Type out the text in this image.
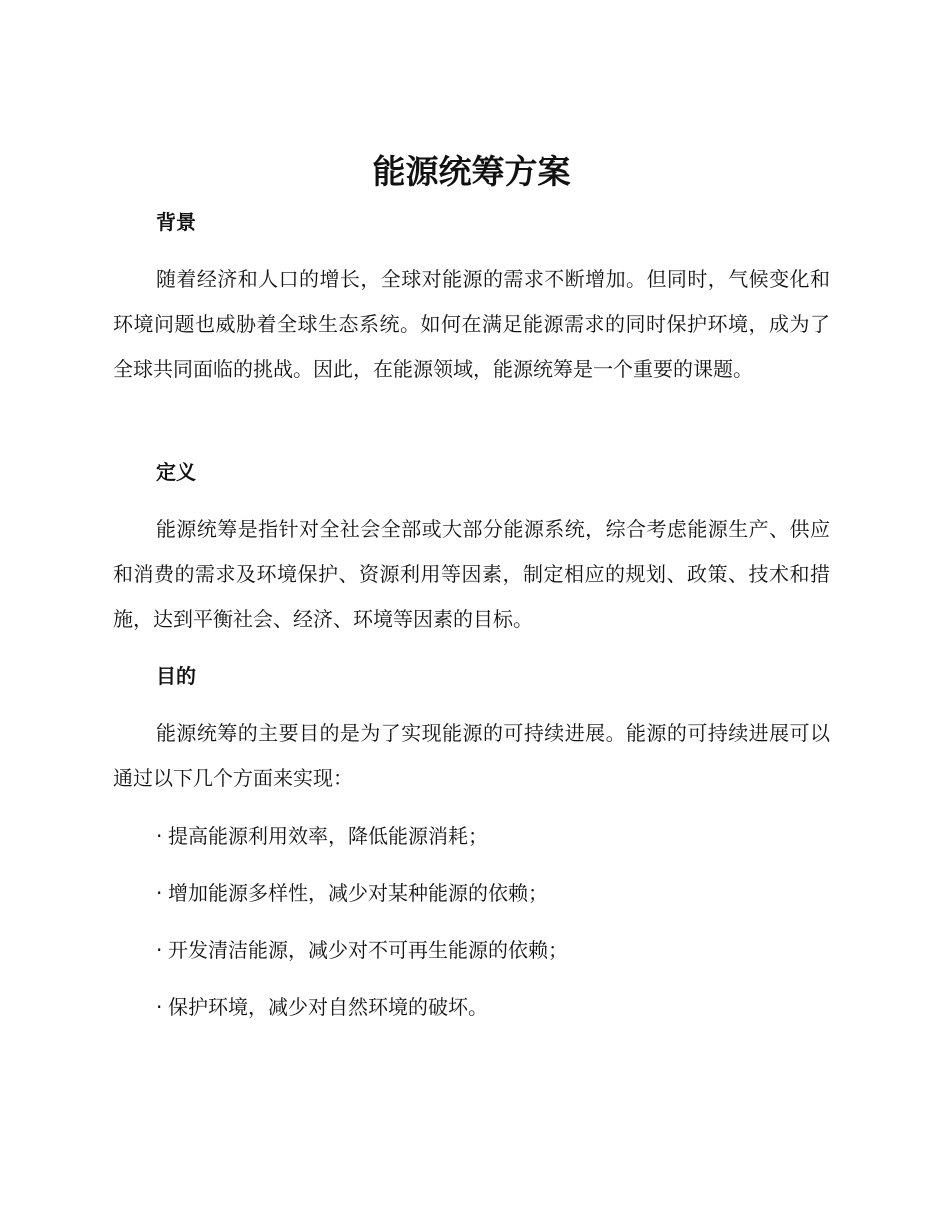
能源统筹方案
背景

随着经济和人口的增长，全球对能源的需求不断增加。但同时，气候变化和环境问题也威胁着全球生态系统。如何在满足能源需求的同时保护环境，成为了全球共同面临的挑战。因此，在能源领域，能源统筹是一个重要的课题。

定义

能源统筹是指针对全社会全部或大部分能源系统，综合考虑能源生产、供应和消费的需求及环境保护、资源利用等因素，制定相应的规划、政策、技术和措施，达到平衡社会、经济、环境等因素的目标。

目的

能源统筹的主要目的是为了实现能源的可持续进展。能源的可持续进展可以通过以下几个方面来实现：

· 提高能源利用效率，降低能源消耗；

· 增加能源多样性，减少对某种能源的依赖；

· 开发清洁能源，减少对不可再生能源的依赖；

· 保护环境，减少对自然环境的破坏。
